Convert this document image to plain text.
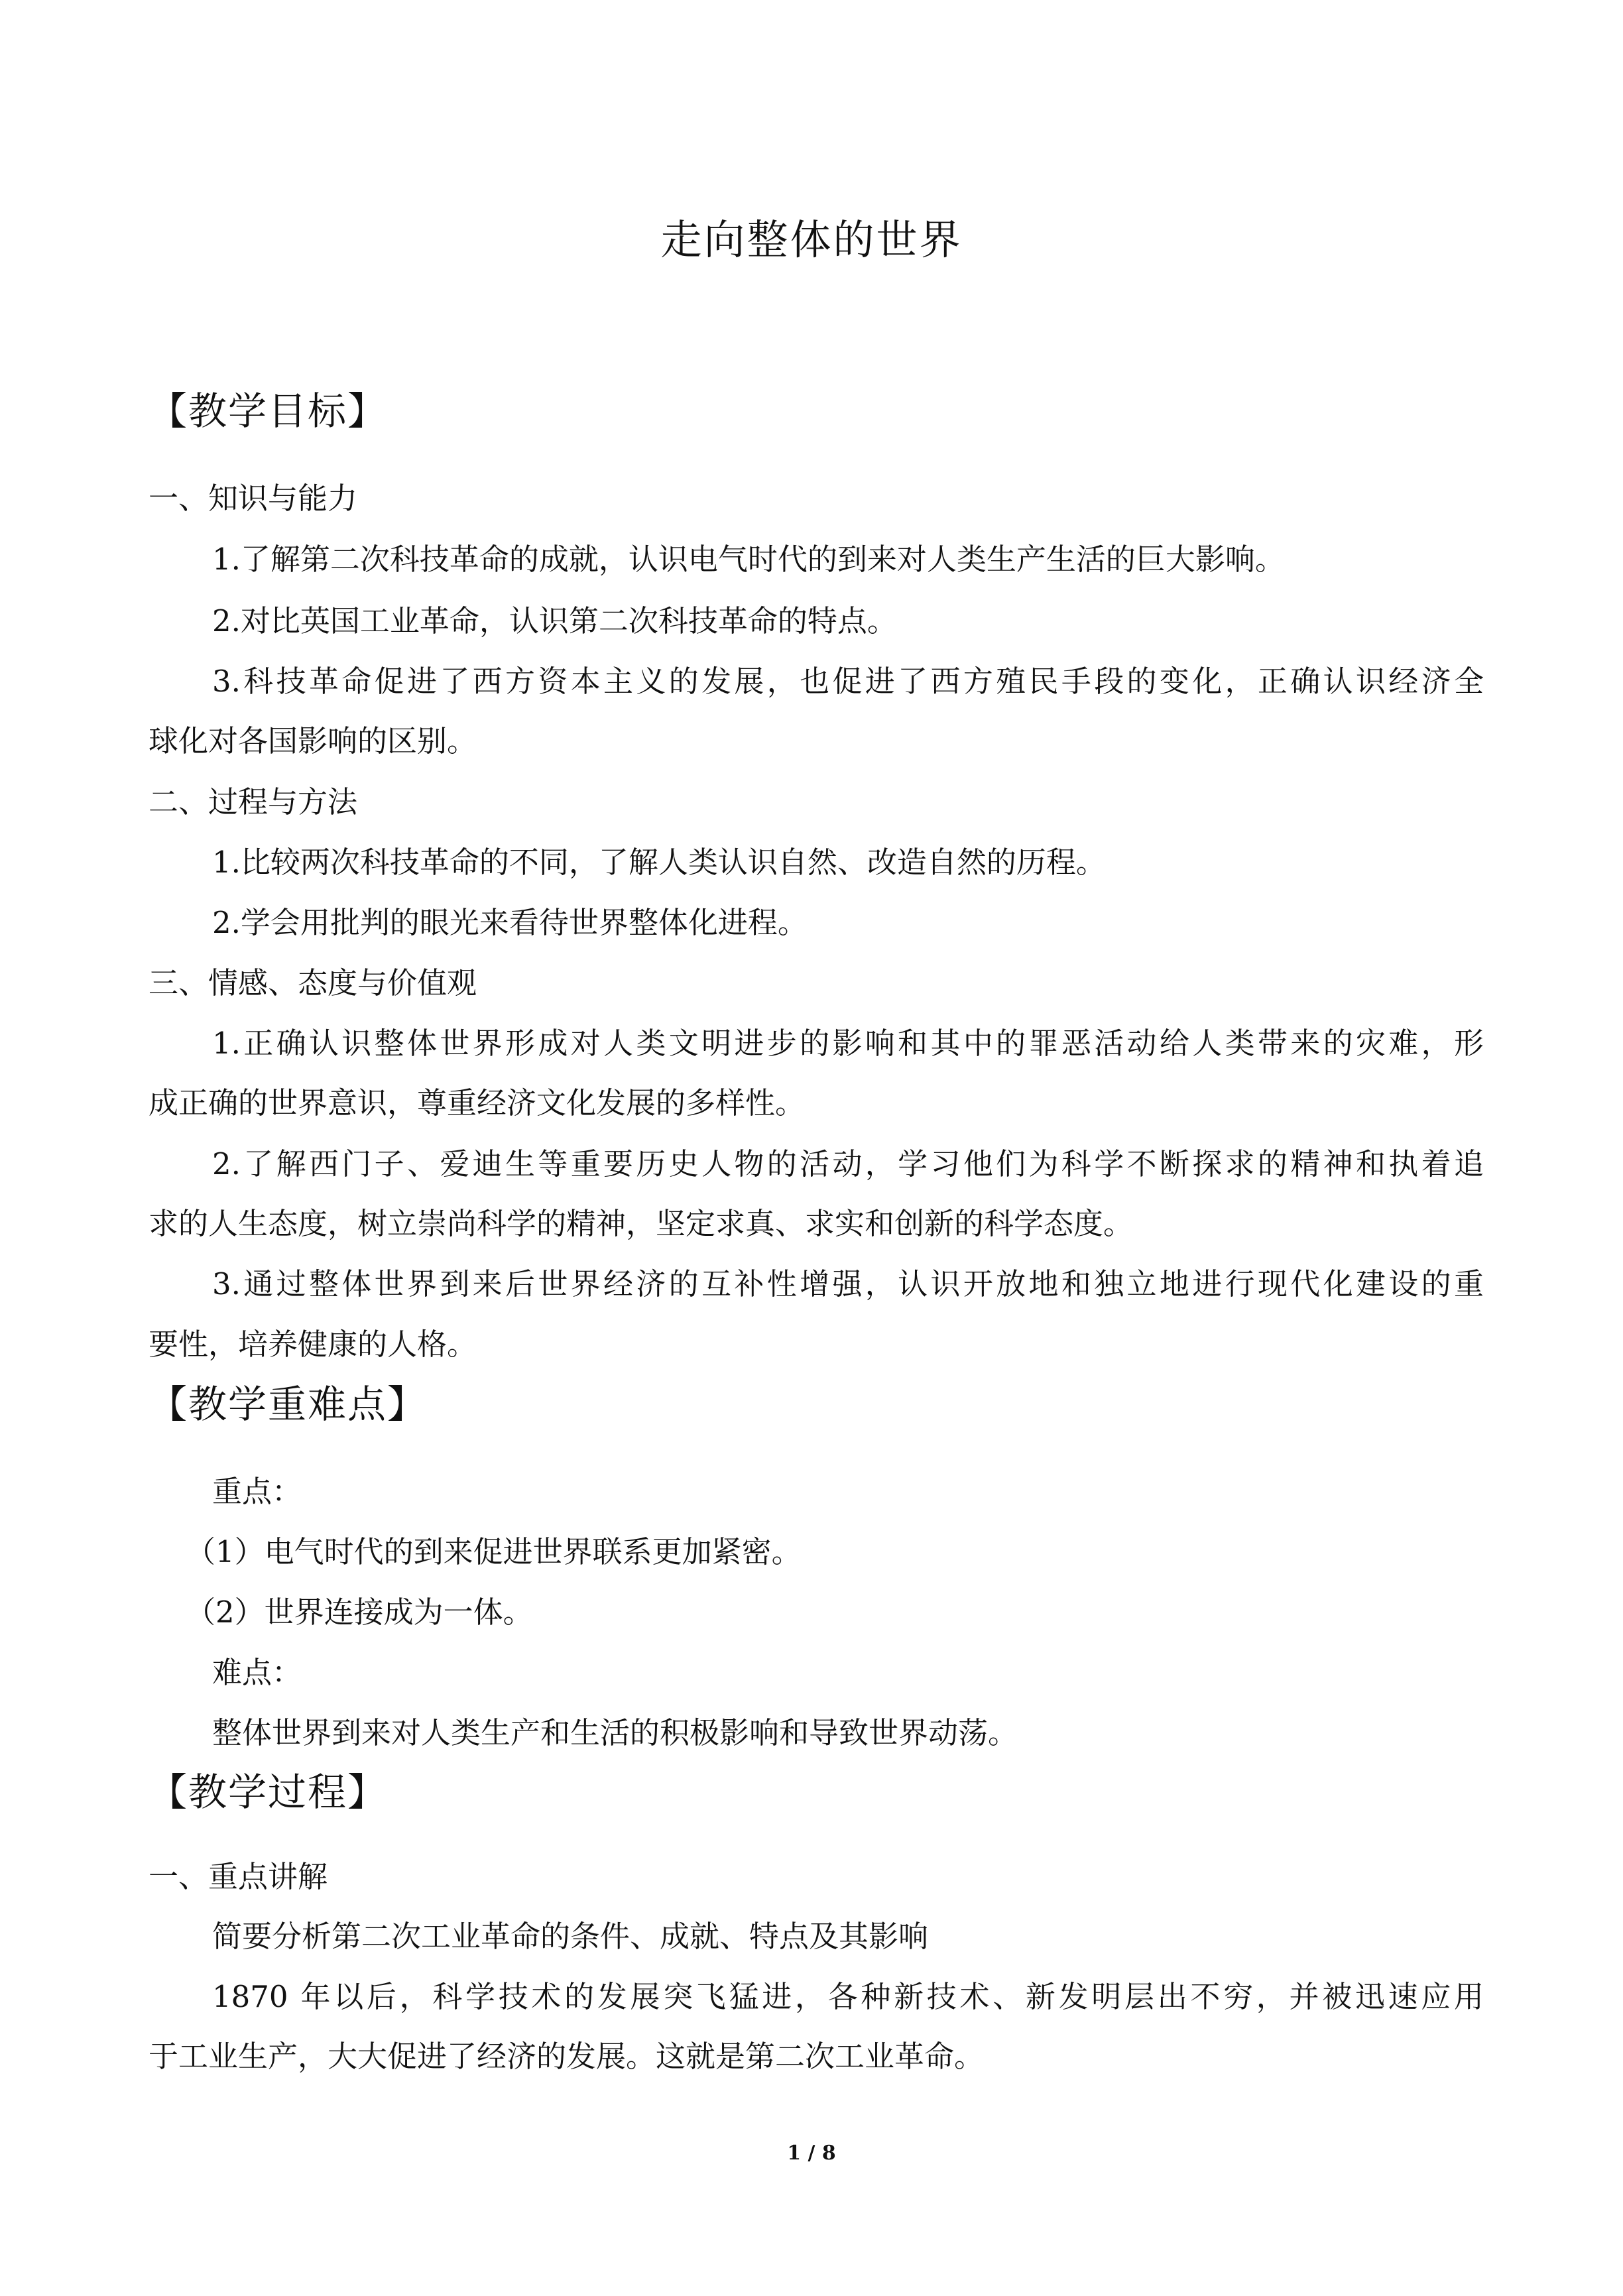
走向整体的世界
【教学目标】
一、知识与能力
1.了解第二次科技革命的成就，认识电气时代的到来对人类生产生活的巨大影响。
2.对比英国工业革命，认识第二次科技革命的特点。
3.科技革命促进了西方资本主义的发展，也促进了西方殖民手段的变化，正确认识经济全
球化对各国影响的区别。
二、过程与方法
1.比较两次科技革命的不同，了解人类认识自然、改造自然的历程。
2.学会用批判的眼光来看待世界整体化进程。
三、情感、态度与价值观
1.正确认识整体世界形成对人类文明进步的影响和其中的罪恶活动给人类带来的灾难，形
成正确的世界意识，尊重经济文化发展的多样性。
2.了解西门子、爱迪生等重要历史人物的活动，学习他们为科学不断探求的精神和执着追
求的人生态度，树立崇尚科学的精神，坚定求真、求实和创新的科学态度。
3.通过整体世界到来后世界经济的互补性增强，认识开放地和独立地进行现代化建设的重
要性，培养健康的人格。
【教学重难点】
重点：
（1）电气时代的到来促进世界联系更加紧密。
（2）世界连接成为一体。
难点：
整体世界到来对人类生产和生活的积极影响和导致世界动荡。
【教学过程】
一、重点讲解
简要分析第二次工业革命的条件、成就、特点及其影响
1870 年以后，科学技术的发展突飞猛进，各种新技术、新发明层出不穷，并被迅速应用
于工业生产，大大促进了经济的发展。这就是第二次工业革命。
1 / 8
